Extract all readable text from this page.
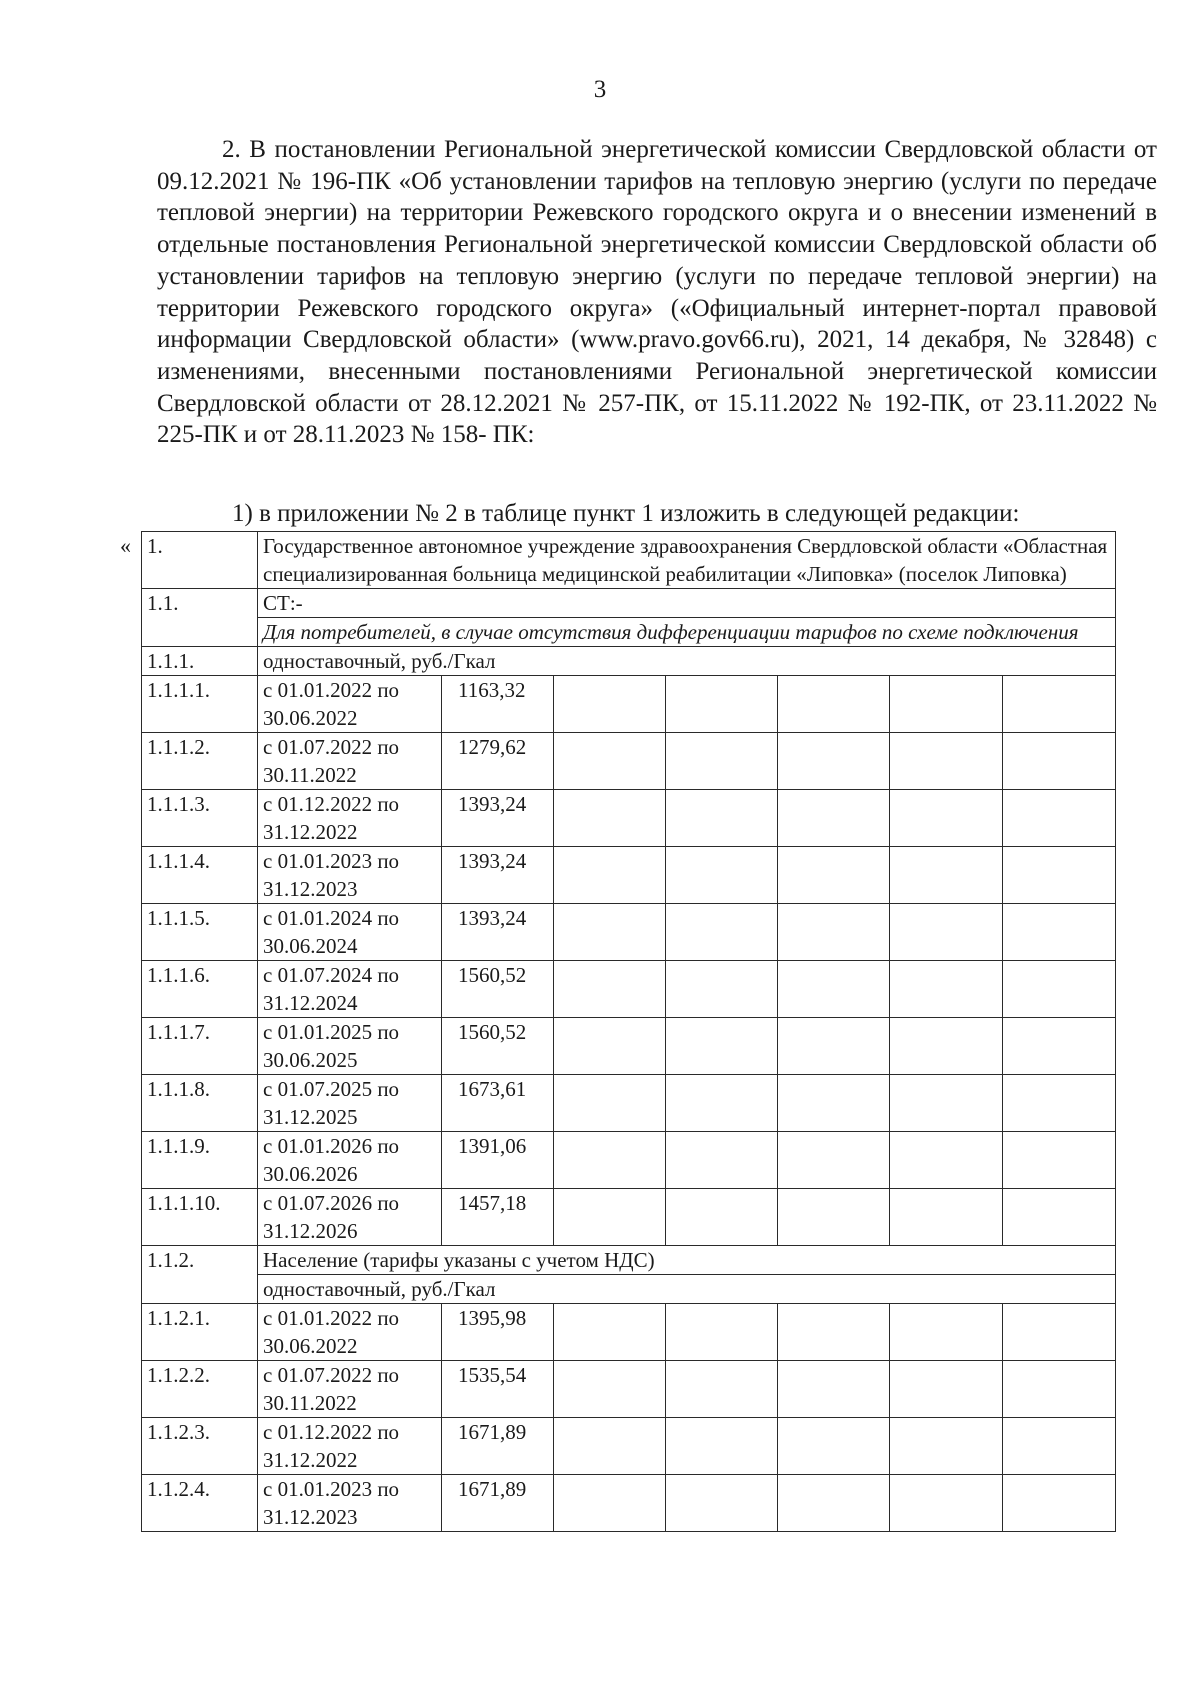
3

2. В постановлении Региональной энергетической комиссии Свердловской области от 09.12.2021 № 196-ПК «Об установлении тарифов на тепловую энергию (услуги по передаче тепловой энергии) на территории Режевского городского округа и о внесении изменений в отдельные постановления Региональной энергетической комиссии Свердловской области об установлении тарифов на тепловую энергию (услуги по передаче тепловой энергии) на территории Режевского городского округа» («Официальный интернет-портал правовой информации Свердловской области» (www.pravo.gov66.ru), 2021, 14 декабря, № 32848) с изменениями, внесенными постановлениями Региональной энергетической комиссии Свердловской области от 28.12.2021 № 257-ПК, от 15.11.2022 № 192-ПК, от 23.11.2022 № 225-ПК и от 28.11.2023 № 158- ПК:

1) в приложении № 2 в таблице пункт 1 изложить в следующей редакции:
« 1.	Государственное автономное учреждение здравоохранения Свердловской области «Областная специализированная больница медицинской реабилитации «Липовка» (поселок Липовка)						
1.1.	СТ:-						
	Для потребителей, в случае отсутствия дифференциации тарифов по схеме подключения						
1.1.1.	одноставочный, руб./Гкал						
1.1.1.1.	с 01.01.2022 по 30.06.2022	1163,32					
1.1.1.2.	с 01.07.2022 по 30.11.2022	1279,62					
1.1.1.3.	с 01.12.2022 по 31.12.2022	1393,24					
1.1.1.4.	с 01.01.2023 по 31.12.2023	1393,24					
1.1.1.5.	с 01.01.2024 по 30.06.2024	1393,24					
1.1.1.6.	с 01.07.2024 по 31.12.2024	1560,52					
1.1.1.7.	с 01.01.2025 по 30.06.2025	1560,52					
1.1.1.8.	с 01.07.2025 по 31.12.2025	1673,61					
1.1.1.9.	с 01.01.2026 по 30.06.2026	1391,06					
1.1.1.10.	с 01.07.2026 по 31.12.2026	1457,18					
1.1.2.	Население (тарифы указаны с учетом НДС)						
	одноставочный, руб./Гкал						
1.1.2.1.	с 01.01.2022 по 30.06.2022	1395,98					
1.1.2.2.	с 01.07.2022 по 30.11.2022	1535,54					
1.1.2.3.	с 01.12.2022 по 31.12.2022	1671,89					
1.1.2.4.	с 01.01.2023 по 31.12.2023	1671,89					
